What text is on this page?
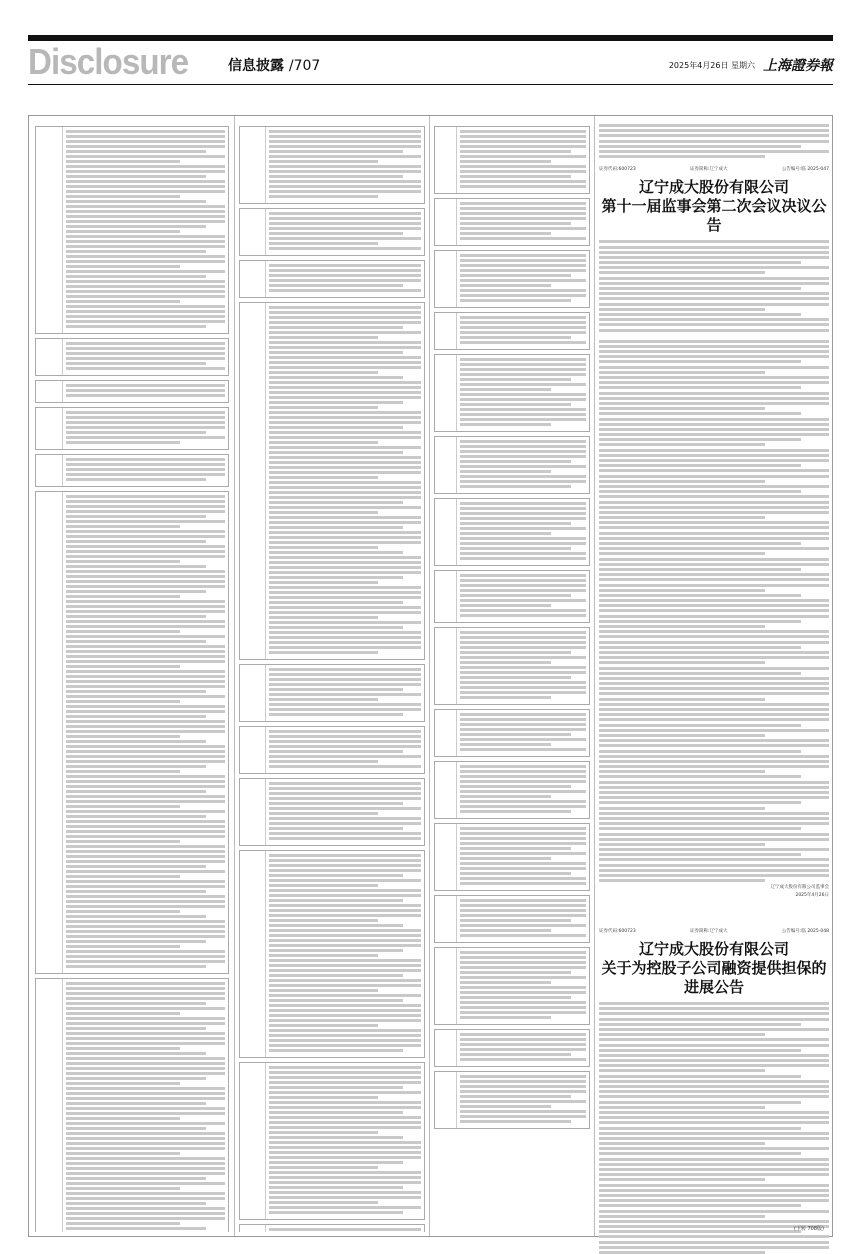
Disclosure	信息披露 /707	2025年4月26日 星期六 上海證券報
证券代码:600723	证券简称:辽宁成大	公告编号:临 2025-047
辽宁成大股份有限公司
第十一届监事会第二次会议决议公告
辽宁成大股份有限公司监事会
2025年4月26日
证券代码:600723	证券简称:辽宁成大	公告编号:临 2025-048
辽宁成大股份有限公司
关于为控股子公司融资提供担保的
进展公告
(下转 708版)
